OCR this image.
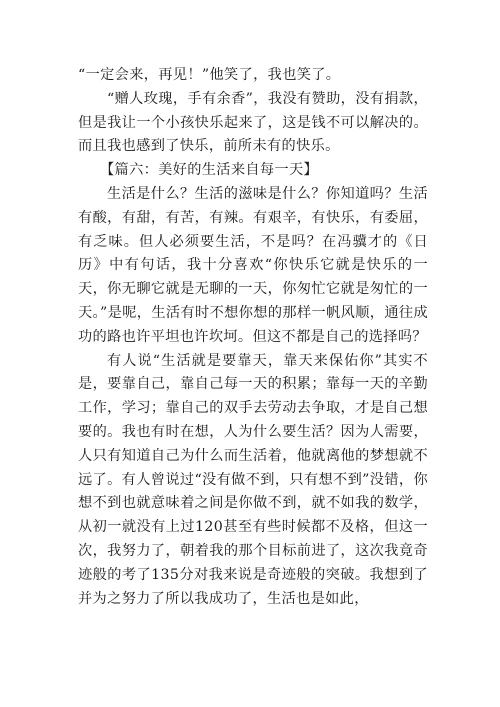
“一定会来，再见！”他笑了，我也笑了。

“赠人玫瑰，手有余香”，我没有赞助，没有捐款，但是我让一个小孩快乐起来了，这是钱不可以解决的。而且我也感到了快乐，前所未有的快乐。

【篇六：美好的生活来自每一天】

生活是什么？生活的滋味是什么？你知道吗？生活有酸，有甜，有苦，有辣。有艰辛，有快乐，有委屈，有乏味。但人必须要生活，不是吗？在冯骥才的《日历》中有句话，我十分喜欢“你快乐它就是快乐的一天，你无聊它就是无聊的一天，你匆忙它就是匆忙的一天。”是呢，生活有时不想你想的那样一帆风顺，通往成功的路也许平坦也许坎坷。但这不都是自己的选择吗？

有人说“生活就是要靠天，靠天来保佑你”其实不是，要靠自己，靠自己每一天的积累；靠每一天的辛勤工作，学习；靠自己的双手去劳动去争取，才是自己想要的。我也有时在想，人为什么要生活？因为人需要，人只有知道自己为什么而生活着，他就离他的梦想就不远了。有人曾说过“没有做不到，只有想不到”没错，你想不到也就意味着之间是你做不到，就不如我的数学，从初一就没有上过120甚至有些时候都不及格，但这一次，我努力了，朝着我的那个目标前进了，这次我竟奇迹般的考了135分对我来说是奇迹般的突破。我想到了并为之努力了所以我成功了，生活也是如此，
